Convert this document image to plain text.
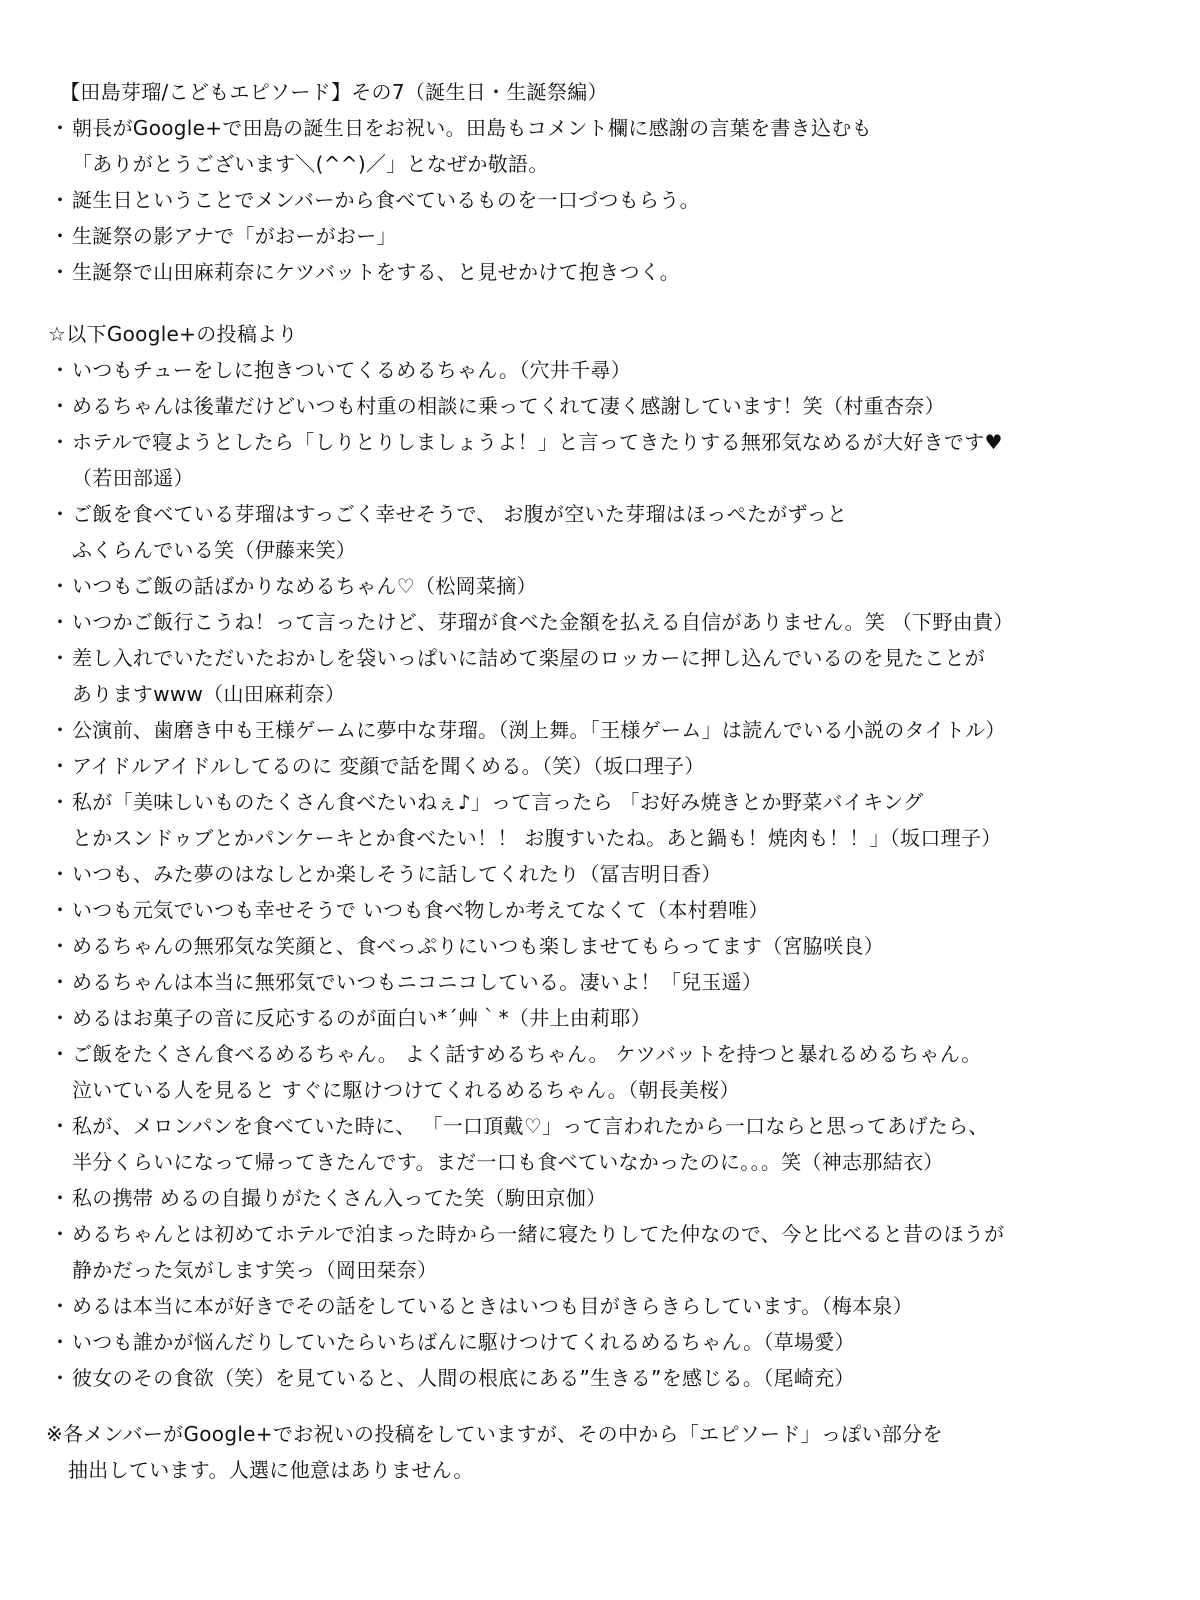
【田島芽瑠/こどもエピソード】その7（誕生日・生誕祭編）
・朝長がGoogle+で田島の誕生日をお祝い。田島もコメント欄に感謝の言葉を書き込むも
「ありがとうございます＼(^^)／」となぜか敬語。
・誕生日ということでメンバーから食べているものを一口づつもらう。
・生誕祭の影アナで「がおーがおー」
・生誕祭で山田麻莉奈にケツバットをする、と見せかけて抱きつく。
☆以下Google+の投稿より
・いつもチューをしに抱きついてくるめるちゃん。（穴井千尋）
・めるちゃんは後輩だけどいつも村重の相談に乗ってくれて凄く感謝しています！笑（村重杏奈）
・ホテルで寝ようとしたら「しりとりしましょうよ！」と言ってきたりする無邪気なめるが大好きです♥
（若田部遥）
・ご飯を食べている芽瑠はすっごく幸せそうで、 お腹が空いた芽瑠はほっぺたがずっと
ふくらんでいる笑（伊藤来笑）
・いつもご飯の話ばかりなめるちゃん♡（松岡菜摘）
・いつかご飯行こうね！って言ったけど、芽瑠が食べた金額を払える自信がありません。笑 （下野由貴）
・差し入れでいただいたおかしを袋いっぱいに詰めて楽屋のロッカーに押し込んでいるのを見たことが
ありますwww（山田麻莉奈）
・公演前、歯磨き中も王様ゲームに夢中な芽瑠。（渕上舞。「王様ゲーム」は読んでいる小説のタイトル）
・アイドルアイドルしてるのに 変顔で話を聞くめる。（笑）（坂口理子）
・私が「美味しいものたくさん食べたいねぇ♪」って言ったら 「お好み焼きとか野菜バイキング
とかスンドゥブとかパンケーキとか食べたい！！ お腹すいたね。あと鍋も！焼肉も！！」（坂口理子）
・いつも、みた夢のはなしとか楽しそうに話してくれたり（冨吉明日香）
・いつも元気でいつも幸せそうで いつも食べ物しか考えてなくて（本村碧唯）
・めるちゃんの無邪気な笑顔と、食べっぷりにいつも楽しませてもらってます（宮脇咲良）
・めるちゃんは本当に無邪気でいつもニコニコしている。凄いよ！「兒玉遥）
・めるはお菓子の音に反応するのが面白い*´艸｀*（井上由莉耶）
・ご飯をたくさん食べるめるちゃん。 よく話すめるちゃん。 ケツバットを持つと暴れるめるちゃん。
泣いている人を見ると すぐに駆けつけてくれるめるちゃん。（朝長美桜）
・私が、メロンパンを食べていた時に、 「一口頂戴♡」って言われたから一口ならと思ってあげたら、
半分くらいになって帰ってきたんです。まだ一口も食べていなかったのに。。。笑（神志那結衣）
・私の携帯 めるの自撮りがたくさん入ってた笑（駒田京伽）
・めるちゃんとは初めてホテルで泊まった時から一緒に寝たりしてた仲なので、今と比べると昔のほうが
静かだった気がします笑っ（岡田栞奈）
・めるは本当に本が好きでその話をしているときはいつも目がきらきらしています。（梅本泉）
・いつも誰かが悩んだりしていたらいちばんに駆けつけてくれるめるちゃん。（草場愛）
・彼女のその食欲（笑）を見ていると、人間の根底にある”生きる”を感じる。（尾崎充）
※各メンバーがGoogle+でお祝いの投稿をしていますが、その中から「エピソード」っぽい部分を
抽出しています。人選に他意はありません。
